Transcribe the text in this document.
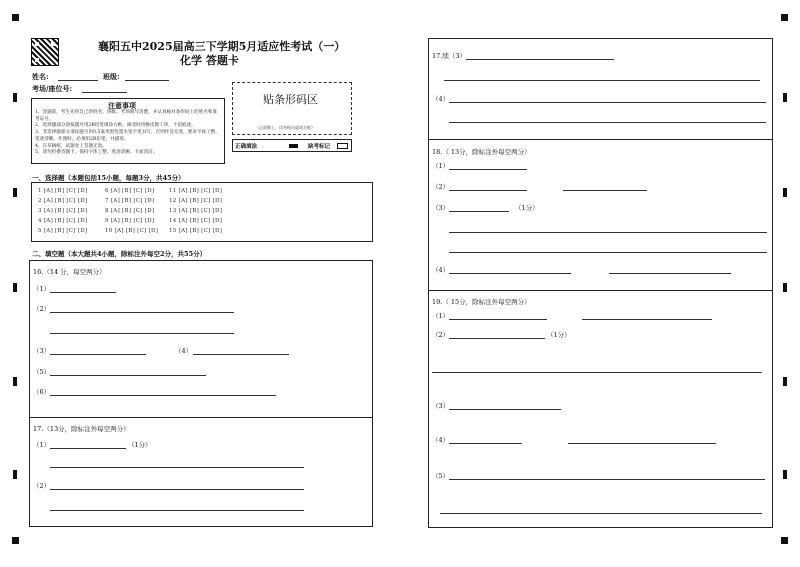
襄阳五中2025届高三下学期5月适应性考试（一）
化学 答题卡
姓名:	班级:
考场/座位号:
注意事项
1、答题前，考生先将自己的姓名、班级、考场填写清楚，并认真核对条形码上的姓名和准考证号。
2、选择题部分请按题号用2B铅笔填涂方框，修改时用橡皮擦干净，不留痕迹。
3、非选择题部分请按题号用0.5毫米黑色墨水签字笔书写，否则作答无效。要求字体工整、笔迹清晰。作图时，必须用2B铅笔，并描浓。
4、在草稿纸、试题卷上答题无效。
5、请勿折叠答题卡，保持字体工整、笔迹清晰、卡面清洁。
贴条形码区
（正面朝上，切勿贴出虚线方框）
正确填涂	缺考标记
一、选择题（本题包括15小题，每题3分，共45分）
1 [A] [B] [C] [D]	6 [A] [B] [C] [D]	11 [A] [B] [C] [D]
2 [A] [B] [C] [D]	7 [A] [B] [C] [D]	12 [A] [B] [C] [D]
3 [A] [B] [C] [D]	8 [A] [B] [C] [D]	13 [A] [B] [C] [D]
4 [A] [B] [C] [D]	9 [A] [B] [C] [D]	14 [A] [B] [C] [D]
5 [A] [B] [C] [D]	10 [A] [B] [C] [D] 15 [A] [B] [C] [D]
二、填空题（本大题共4小题，除标注外每空2分，共55分）
16.（14 分，每空两分）
（1）
（2）
（3）	（4）
（5）
（6）
17.（13分，除标注外每空两分）
（1）	（1分）
（2）
17.续（3）
（4）
18.（ 13分，除标注外每空两分）
（1）
（2）
（3）	（1分）
（4）
19.（ 15分，除标注外每空两分）
（1）
（2）	（1分）
（3）
（4）
（5）
